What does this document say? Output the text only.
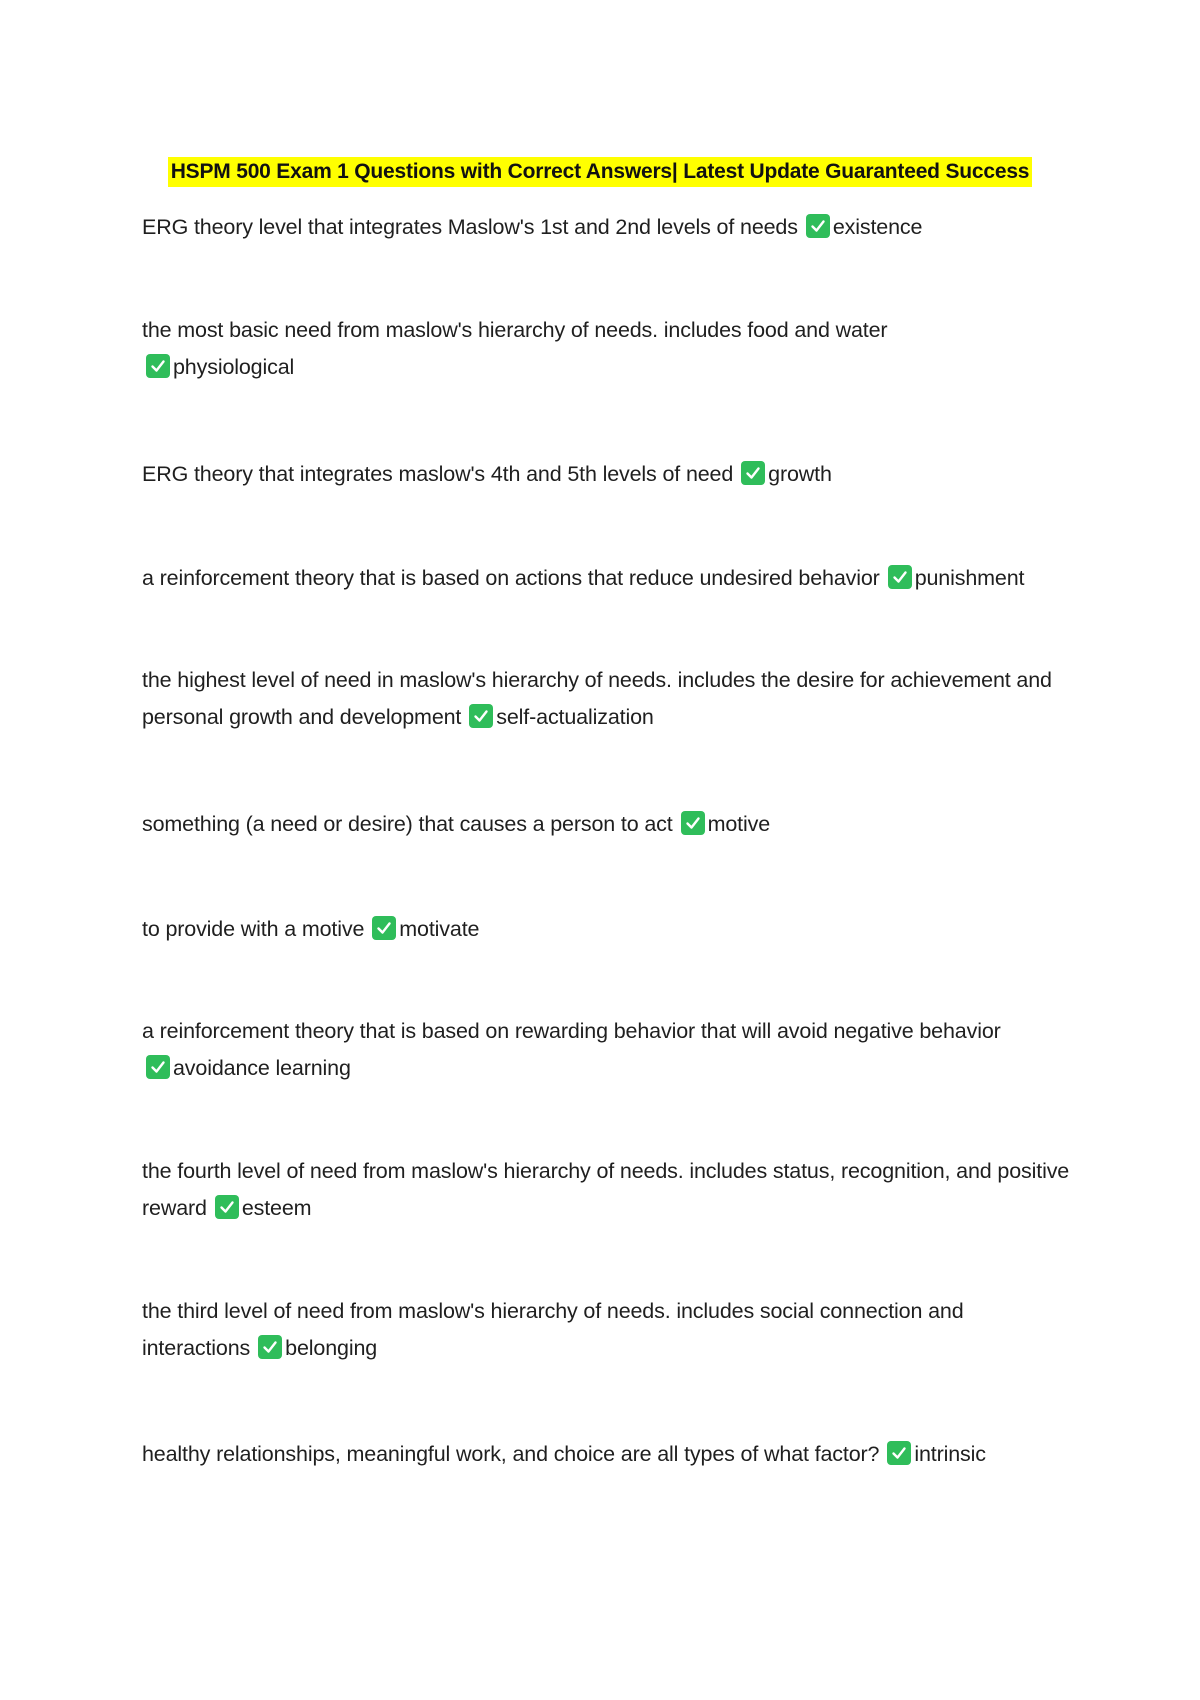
HSPM 500 Exam 1 Questions with Correct Answers| Latest Update Guaranteed Success
ERG theory level that integrates Maslow's 1st and 2nd levels of needs existence
the most basic need from maslow's hierarchy of needs. includes food and water

physiological
ERG theory that integrates maslow's 4th and 5th levels of need growth
a reinforcement theory that is based on actions that reduce undesired behavior punishment
the highest level of need in maslow's hierarchy of needs. includes the desire for achievement and personal growth and development self-actualization
something (a need or desire) that causes a person to act motive
to provide with a motive motivate
a reinforcement theory that is based on rewarding behavior that will avoid negative behavior

avoidance learning
the fourth level of need from maslow's hierarchy of needs. includes status, recognition, and positive reward esteem
the third level of need from maslow's hierarchy of needs. includes social connection and interactions belonging
healthy relationships, meaningful work, and choice are all types of what factor? intrinsic
